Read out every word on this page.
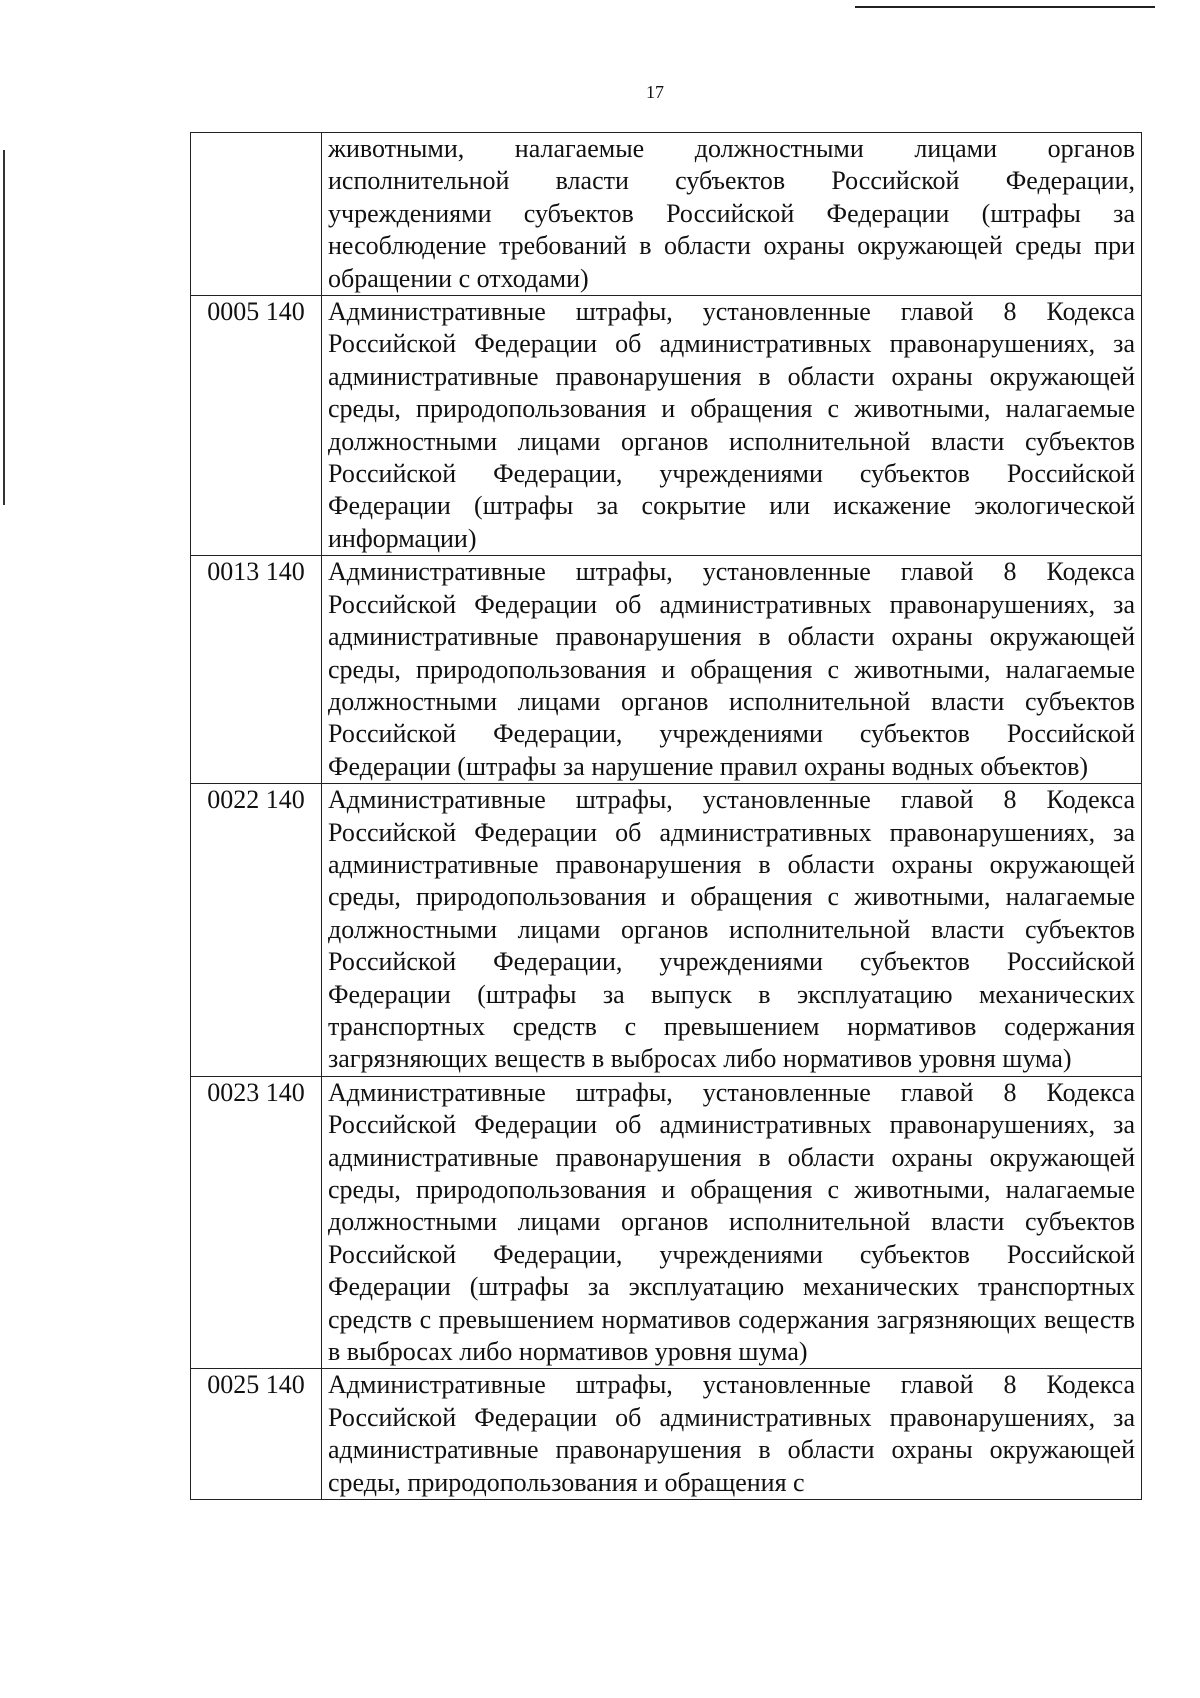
17
	животными, налагаемые должностными лицами органов исполнительной власти субъектов Российской Федерации, учреждениями субъектов Российской Федерации (штрафы за несоблюдение требований в области охраны окружающей среды при обращении с отходами)
0005 140	Административные штрафы, установленные главой 8 Кодекса Российской Федерации об административных правонарушениях, за административные правонарушения в области охраны окружающей среды, природопользования и обращения с животными, налагаемые должностными лицами органов исполнительной власти субъектов Российской Федерации, учреждениями субъектов Российской Федерации (штрафы за сокрытие или искажение экологической информации)
0013 140	Административные штрафы, установленные главой 8 Кодекса Российской Федерации об административных правонарушениях, за административные правонарушения в области охраны окружающей среды, природопользования и обращения с животными, налагаемые должностными лицами органов исполнительной власти субъектов Российской Федерации, учреждениями субъектов Российской Федерации (штрафы за нарушение правил охраны водных объектов)
0022 140	Административные штрафы, установленные главой 8 Кодекса Российской Федерации об административных правонарушениях, за административные правонарушения в области охраны окружающей среды, природопользования и обращения с животными, налагаемые должностными лицами органов исполнительной власти субъектов Российской Федерации, учреждениями субъектов Российской Федерации (штрафы за выпуск в эксплуатацию механических транспортных средств с превышением нормативов содержания загрязняющих веществ в выбросах либо нормативов уровня шума)
0023 140	Административные штрафы, установленные главой 8 Кодекса Российской Федерации об административных правонарушениях, за административные правонарушения в области охраны окружающей среды, природопользования и обращения с животными, налагаемые должностными лицами органов исполнительной власти субъектов Российской Федерации, учреждениями субъектов Российской Федерации (штрафы за эксплуатацию механических транспортных средств с превышением нормативов содержания загрязняющих веществ в выбросах либо нормативов уровня шума)
0025 140	Административные штрафы, установленные главой 8 Кодекса Российской Федерации об административных правонарушениях, за административные правонарушения в области охраны окружающей среды, природопользования и обращения с
